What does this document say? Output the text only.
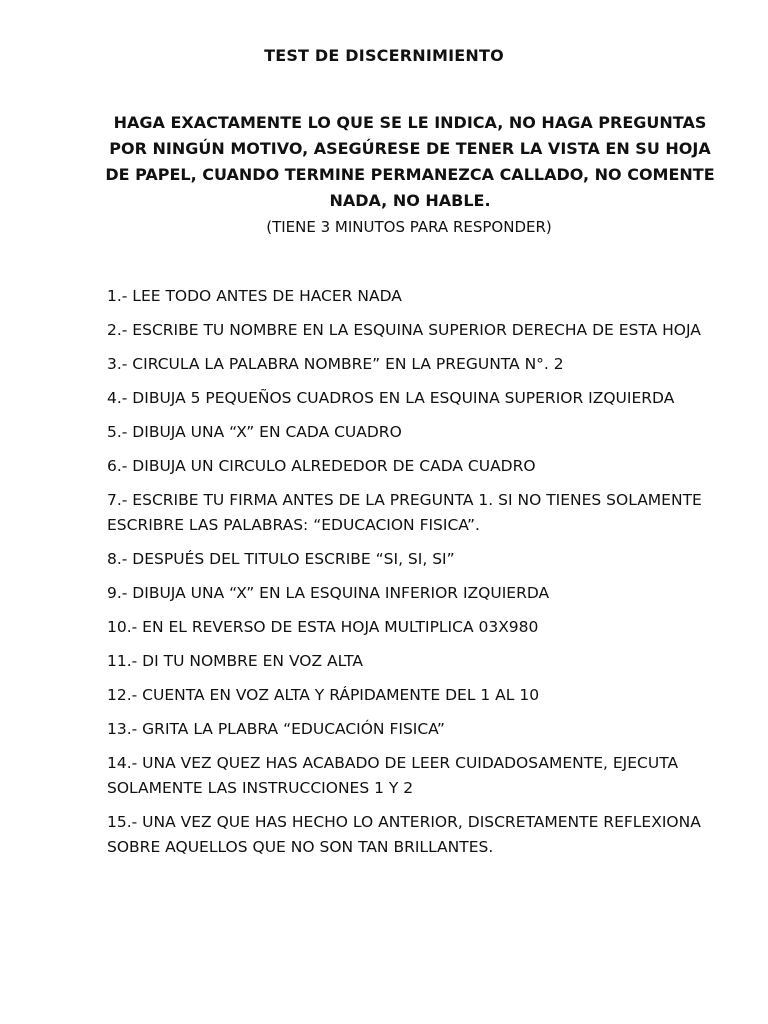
TEST DE DISCERNIMIENTO
HAGA EXACTAMENTE LO QUE SE LE INDICA, NO HAGA PREGUNTAS POR NINGÚN MOTIVO, ASEGÚRESE DE TENER LA VISTA EN SU HOJA DE PAPEL, CUANDO TERMINE PERMANEZCA CALLADO, NO COMENTE NADA, NO HABLE.
(TIENE 3 MINUTOS PARA RESPONDER)
1.- LEE TODO ANTES DE HACER NADA
2.- ESCRIBE TU NOMBRE EN LA ESQUINA SUPERIOR DERECHA DE ESTA HOJA
3.- CIRCULA LA PALABRA NOMBRE” EN LA PREGUNTA N°. 2
4.- DIBUJA 5 PEQUEÑOS CUADROS EN LA ESQUINA SUPERIOR IZQUIERDA
5.- DIBUJA UNA “X” EN CADA CUADRO
6.- DIBUJA UN CIRCULO ALREDEDOR DE CADA CUADRO
7.- ESCRIBE TU FIRMA ANTES DE LA PREGUNTA 1. SI NO TIENES SOLAMENTE ESCRIBRE LAS PALABRAS: “EDUCACION FISICA”.
8.- DESPUÉS DEL TITULO ESCRIBE “SI, SI, SI”
9.- DIBUJA UNA “X” EN LA ESQUINA INFERIOR IZQUIERDA
10.- EN EL REVERSO DE ESTA HOJA MULTIPLICA 03X980
11.- DI TU NOMBRE EN VOZ ALTA
12.- CUENTA EN VOZ ALTA Y RÁPIDAMENTE DEL 1 AL 10
13.- GRITA LA PLABRA “EDUCACIÓN FISICA”
14.- UNA VEZ QUEZ HAS ACABADO DE LEER CUIDADOSAMENTE, EJECUTA SOLAMENTE LAS INSTRUCCIONES 1 Y 2
15.- UNA VEZ QUE HAS HECHO LO ANTERIOR, DISCRETAMENTE REFLEXIONA SOBRE AQUELLOS QUE NO SON TAN BRILLANTES.
